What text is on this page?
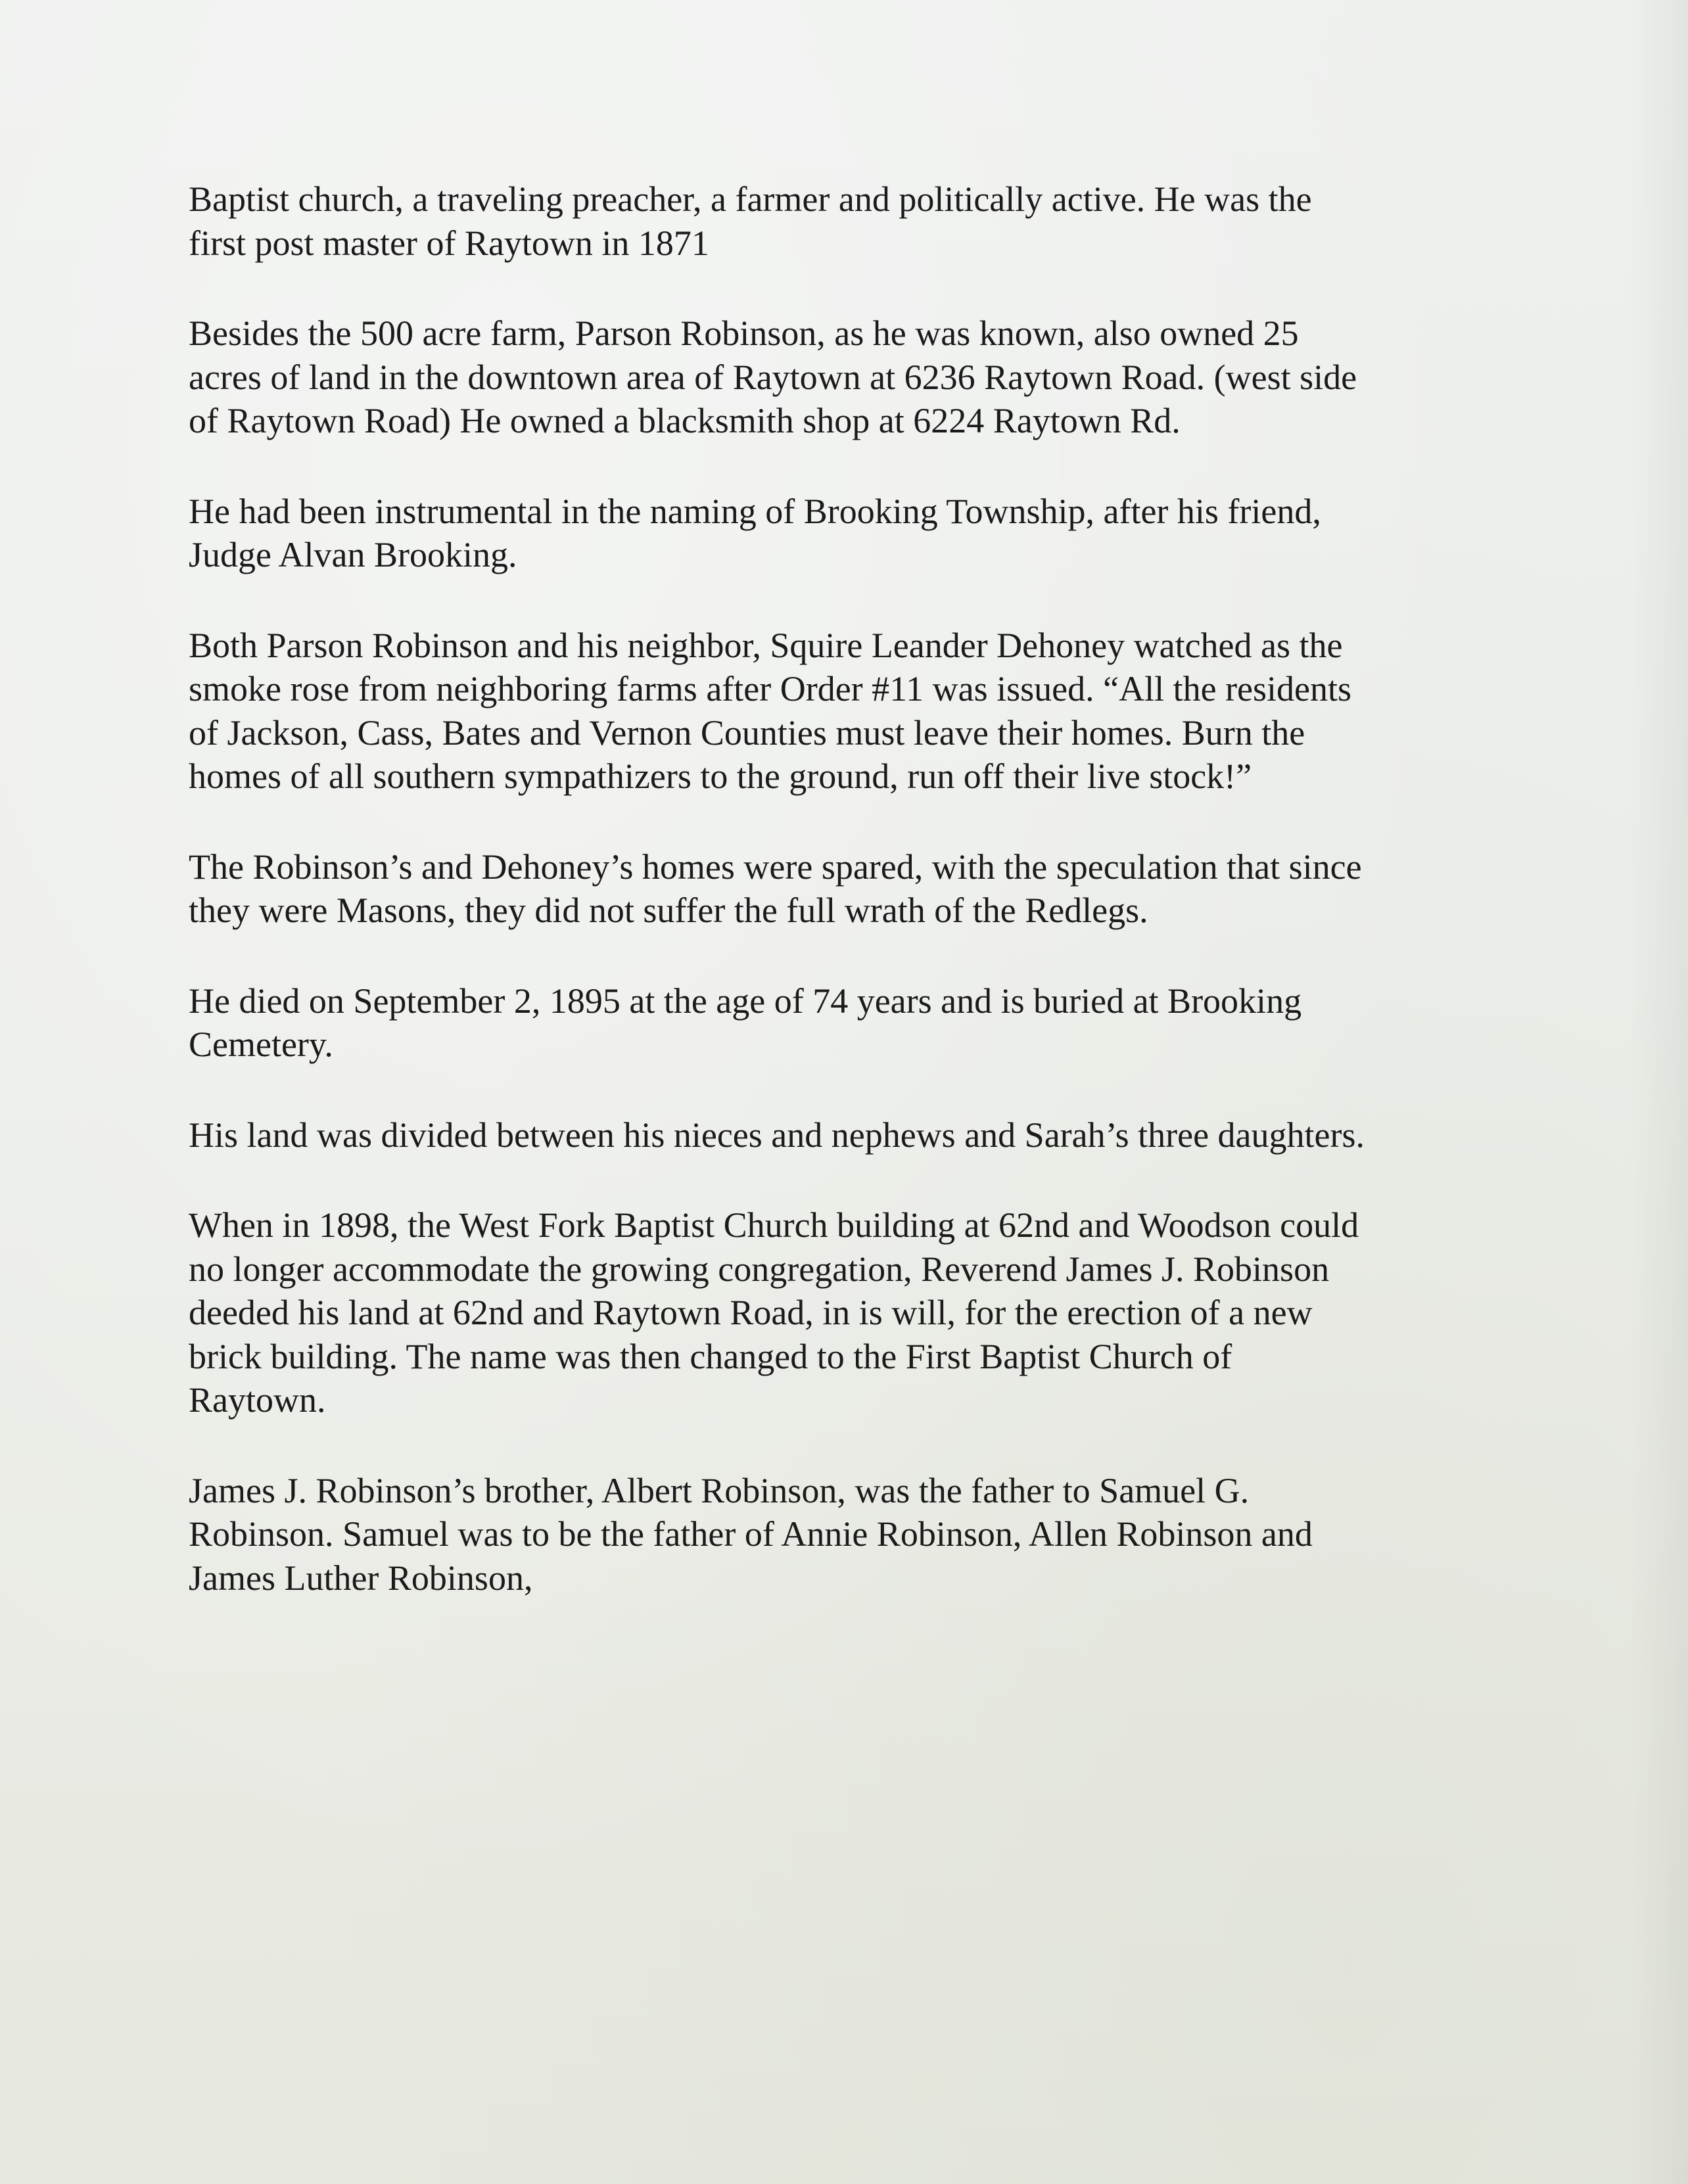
Baptist church, a traveling preacher, a farmer and politically active. He was the
first post master of Raytown in 1871

Besides the 500 acre farm, Parson Robinson, as he was known, also owned 25
acres of land in the downtown area of Raytown at 6236 Raytown Road. (west side
of Raytown Road) He owned a blacksmith shop at 6224 Raytown Rd.

He had been instrumental in the naming of Brooking Township, after his friend,
Judge Alvan Brooking.

Both Parson Robinson and his neighbor, Squire Leander Dehoney watched as the
smoke rose from neighboring farms after Order #11 was issued. “All the residents
of Jackson, Cass, Bates and Vernon Counties must leave their homes. Burn the
homes of all southern sympathizers to the ground, run off their live stock!”

The Robinson’s and Dehoney’s homes were spared, with the speculation that since
they were Masons, they did not suffer the full wrath of the Redlegs.

He died on September 2, 1895 at the age of 74 years and is buried at Brooking
Cemetery.

His land was divided between his nieces and nephews and Sarah’s three daughters.

When in 1898, the West Fork Baptist Church building at 62nd and Woodson could
no longer accommodate the growing congregation, Reverend James J. Robinson
deeded his land at 62nd and Raytown Road, in is will, for the erection of a new
brick building. The name was then changed to the First Baptist Church of
Raytown.

James J. Robinson’s brother, Albert Robinson, was the father to Samuel G.
Robinson. Samuel was to be the father of Annie Robinson, Allen Robinson and
James Luther Robinson,
